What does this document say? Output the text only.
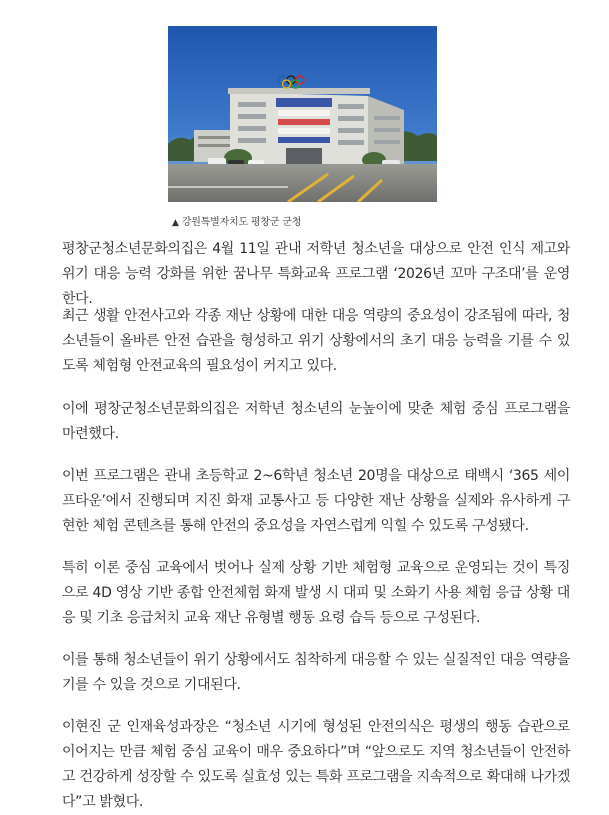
▲ 강원특별자치도 평창군 군청

평창군청소년문화의집은 4월 11일 관내 저학년 청소년을 대상으로 안전 인식 제고와 위기 대응 능력 강화를 위한 꿈나무 특화교육 프로그램 ‘2026년 꼬마 구조대’를 운영한다.

최근 생활 안전사고와 각종 재난 상황에 대한 대응 역량의 중요성이 강조됨에 따라, 청소년들이 올바른 안전 습관을 형성하고 위기 상황에서의 초기 대응 능력을 기를 수 있도록 체험형 안전교육의 필요성이 커지고 있다.

이에 평창군청소년문화의집은 저학년 청소년의 눈높이에 맞춘 체험 중심 프로그램을 마련했다.

이번 프로그램은 관내 초등학교 2~6학년 청소년 20명을 대상으로 태백시 ‘365 세이프타운’에서 진행되며 지진 화재 교통사고 등 다양한 재난 상황을 실제와 유사하게 구현한 체험 콘텐츠를 통해 안전의 중요성을 자연스럽게 익힐 수 있도록 구성됐다.

특히 이론 중심 교육에서 벗어나 실제 상황 기반 체험형 교육으로 운영되는 것이 특징으로 4D 영상 기반 종합 안전체험 화재 발생 시 대피 및 소화기 사용 체험 응급 상황 대응 및 기초 응급처치 교육 재난 유형별 행동 요령 습득 등으로 구성된다.

이를 통해 청소년들이 위기 상황에서도 침착하게 대응할 수 있는 실질적인 대응 역량을 기를 수 있을 것으로 기대된다.

이현진 군 인재육성과장은 “청소년 시기에 형성된 안전의식은 평생의 행동 습관으로 이어지는 만큼 체험 중심 교육이 매우 중요하다”며 “앞으로도 지역 청소년들이 안전하고 건강하게 성장할 수 있도록 실효성 있는 특화 프로그램을 지속적으로 확대해 나가겠다”고 밝혔다.
